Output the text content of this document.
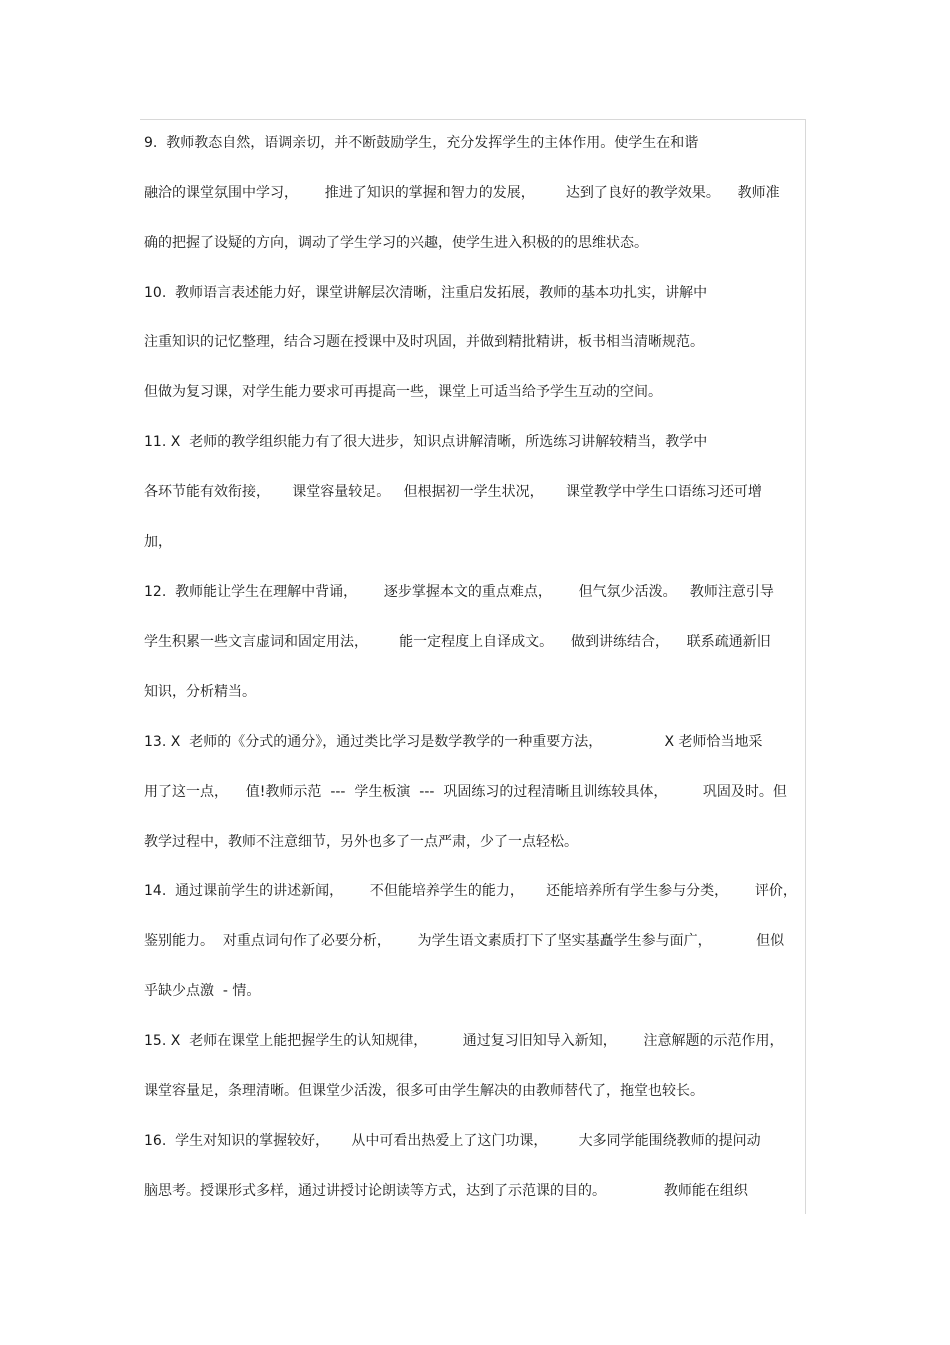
9.  教师教态自然，语调亲切，并不断鼓励学生，充分发挥学生的主体作用。使学生在和谐
融洽的课堂氛围中学习，      推进了知识的掌握和智力的发展，       达到了良好的教学效果。    教师准
确的把握了设疑的方向，调动了学生学习的兴趣，使学生进入积极的的思维状态。
10.  教师语言表述能力好，课堂讲解层次清晰，注重启发拓展，教师的基本功扎实，讲解中
注重知识的记忆整理，结合习题在授课中及时巩固，并做到精批精讲，板书相当清晰规范。
但做为复习课，对学生能力要求可再提高一些，课堂上可适当给予学生互动的空间。
11. X  老师的教学组织能力有了很大进步，知识点讲解清晰，所选练习讲解较精当，教学中
各环节能有效衔接，     课堂容量较足。   但根据初一学生状况，     课堂教学中学生口语练习还可增
加，
12.  教师能让学生在理解中背诵，      逐步掌握本文的重点难点，      但气氛少活泼。   教师注意引导
学生积累一些文言虚词和固定用法，       能一定程度上自译成文。    做到讲练结合，    联系疏通新旧
知识，分析精当。
13. X  老师的《分式的通分》，通过类比学习是数学教学的一种重要方法，              X 老师恰当地采
用了这一点，    值!教师示范  ---  学生板演  ---  巩固练习的过程清晰且训练较具体，        巩固及时。但
教学过程中，教师不注意细节，另外也多了一点严肃，少了一点轻松。
14.  通过课前学生的讲述新闻，      不但能培养学生的能力，     还能培养所有学生参与分类，      评价，
鉴别能力。  对重点词句作了必要分析，      为学生语文素质打下了坚实基矗学生参与面广，          但似
乎缺少点激  - 情。
15. X  老师在课堂上能把握学生的认知规律，        通过复习旧知导入新知，      注意解题的示范作用，
课堂容量足，条理清晰。但课堂少活泼，很多可由学生解决的由教师替代了，拖堂也较长。
16.  学生对知识的掌握较好，     从中可看出热爱上了这门功课，       大多同学能围绕教师的提问动
脑思考。授课形式多样，通过讲授讨论朗读等方式，达到了示范课的目的。             教师能在组织
